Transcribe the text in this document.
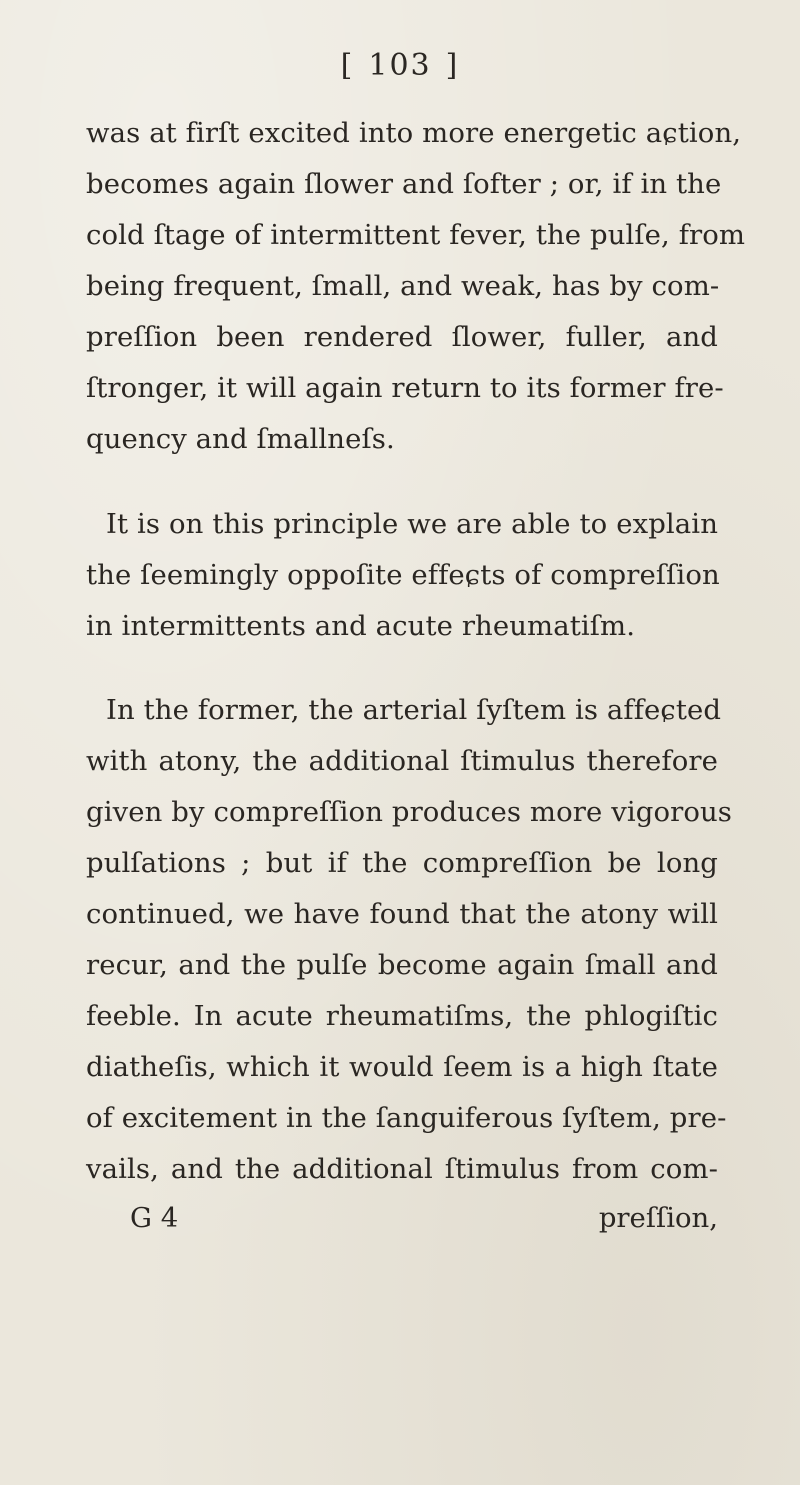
[ 103 ]
was at firſt excited into more energetic aɕtion,
becomes again ſlower and ſofter ; or, if in the
cold ſtage of intermittent fever, the pulſe, from
being frequent, ſmall, and weak, has by com-
preſſion been rendered ſlower, fuller, and
ſtronger, it will again return to its former fre-
quency and ſmallneſs.
It is on this principle we are able to explain
the ſeemingly oppoſite effeɕts of compreſſion
in intermittents and acute rheumatiſm.
In the former, the arterial ſyſtem is affeɕted
with atony, the additional ſtimulus therefore
given by compreſſion produces more vigorous
pulſations ; but if the compreſſion be long
continued, we have found that the atony will
recur, and the pulſe become again ſmall and
feeble. In acute rheumatiſms, the phlogiſtic
diatheſis, which it would ſeem is a high ſtate
of excitement in the ſanguiferous ſyſtem, pre-
vails, and the additional ſtimulus from com-
G 4	preſſion,
